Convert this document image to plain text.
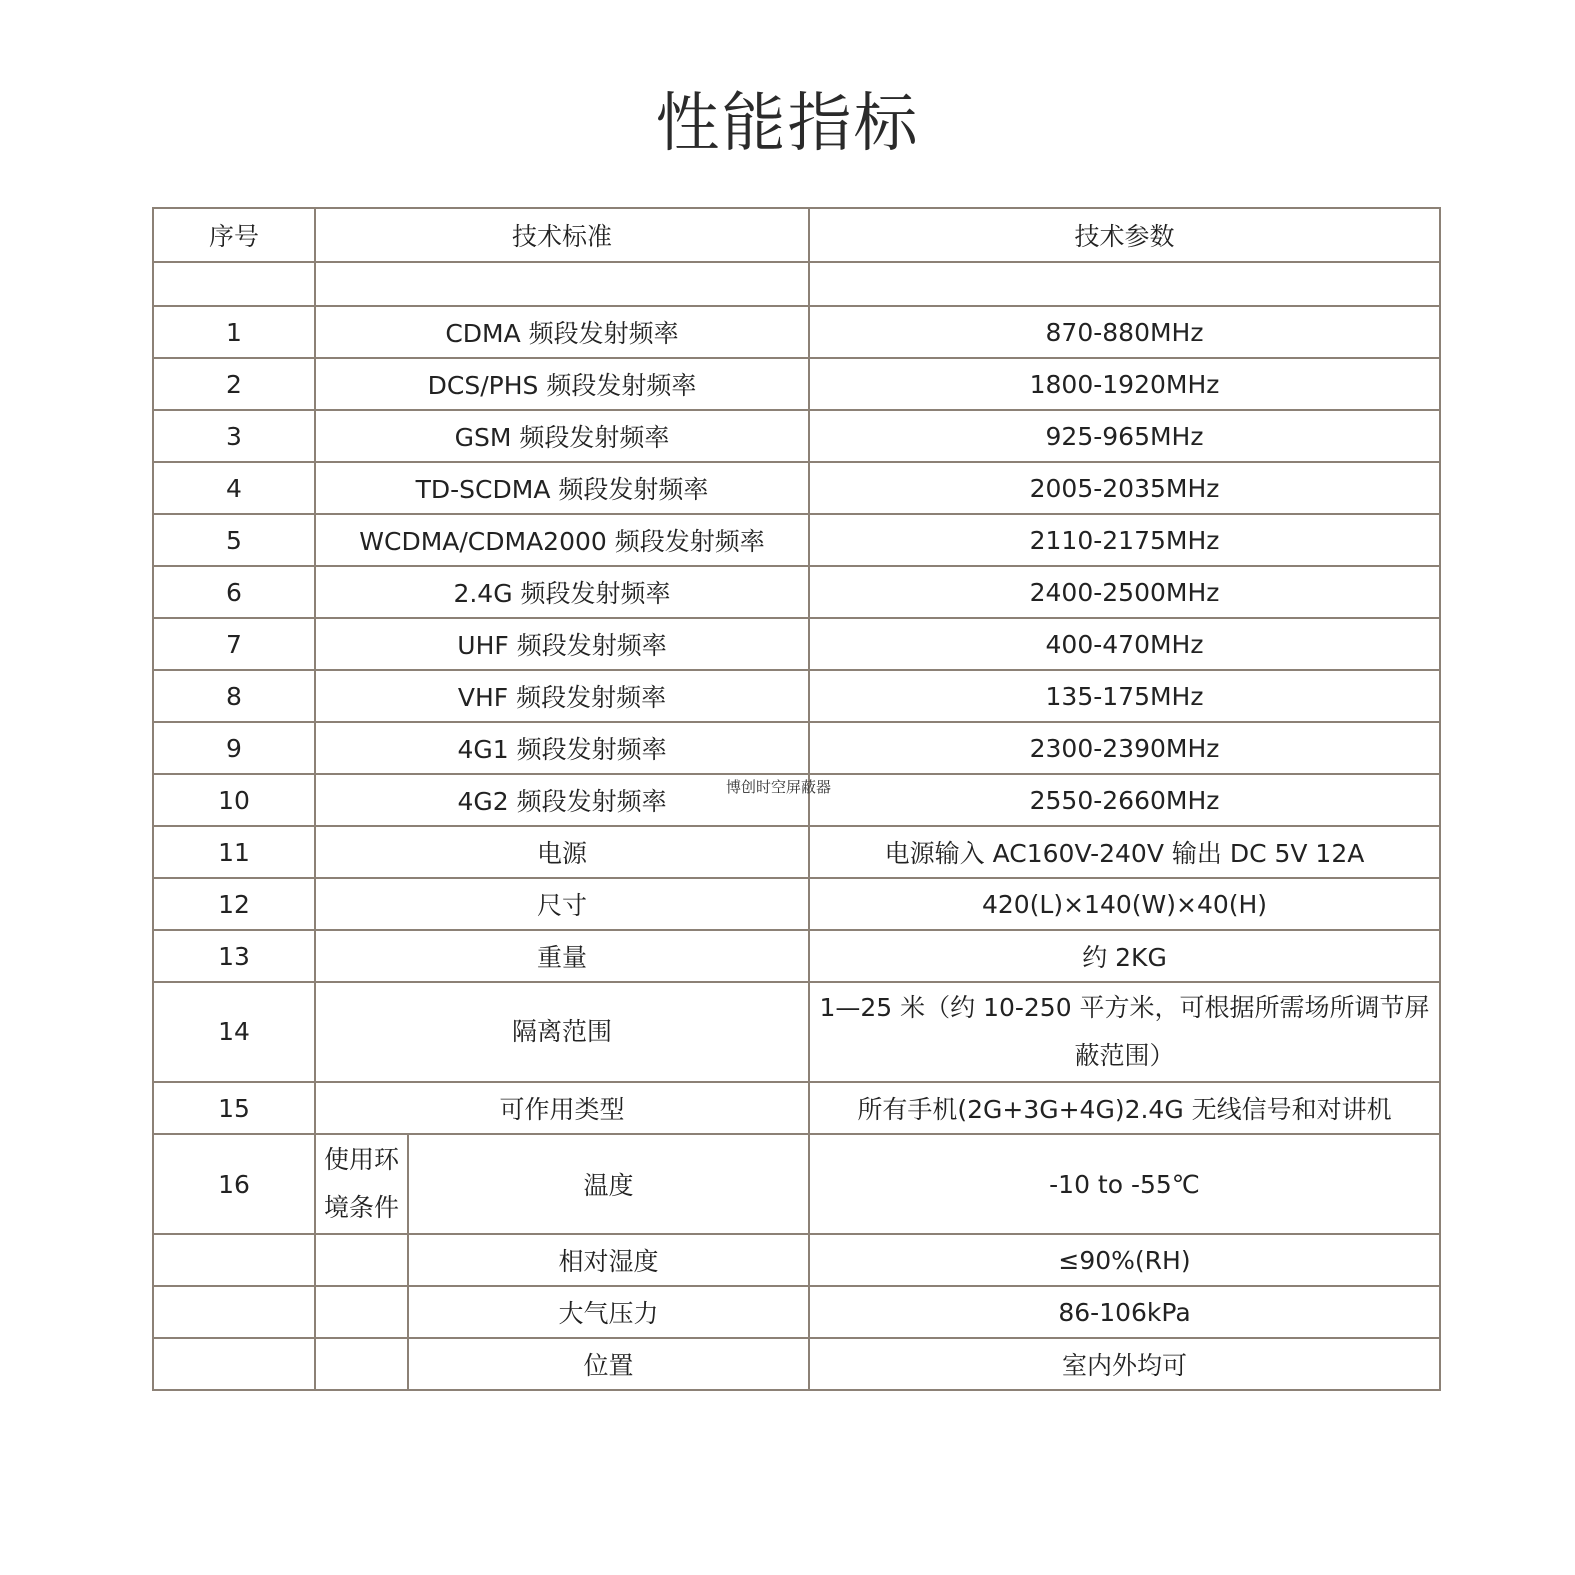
性能指标
序号	技术标准		技术参数

1	CDMA 频段发射频率		870-880MHz
2	DCS/PHS 频段发射频率		1800-1920MHz
3	GSM 频段发射频率		925-965MHz
4	TD-SCDMA 频段发射频率		2005-2035MHz
5	WCDMA/CDMA2000 频段发射频率		2110-2175MHz
6	2.4G 频段发射频率		2400-2500MHz
7	UHF 频段发射频率		400-470MHz
8	VHF 频段发射频率		135-175MHz
9	4G1 频段发射频率		2300-2390MHz
10	4G2 频段发射频率		2550-2660MHz
11	电源		电源输入 AC160V-240V 输出 DC 5V 12A
12	尺寸		420(L)×140(W)×40(H)
13	重量		约 2KG
14	隔离范围		1—25 米（约 10-250 平方米，可根据所需场所调节屏蔽范围）
15	可作用类型		所有手机(2G+3G+4G)2.4G 无线信号和对讲机
16	使用环境条件	温度	-10 to -55℃
		相对湿度	≤90%(RH)
		大气压力	86-106kPa
		位置	室内外均可
博创时空屏蔽器
